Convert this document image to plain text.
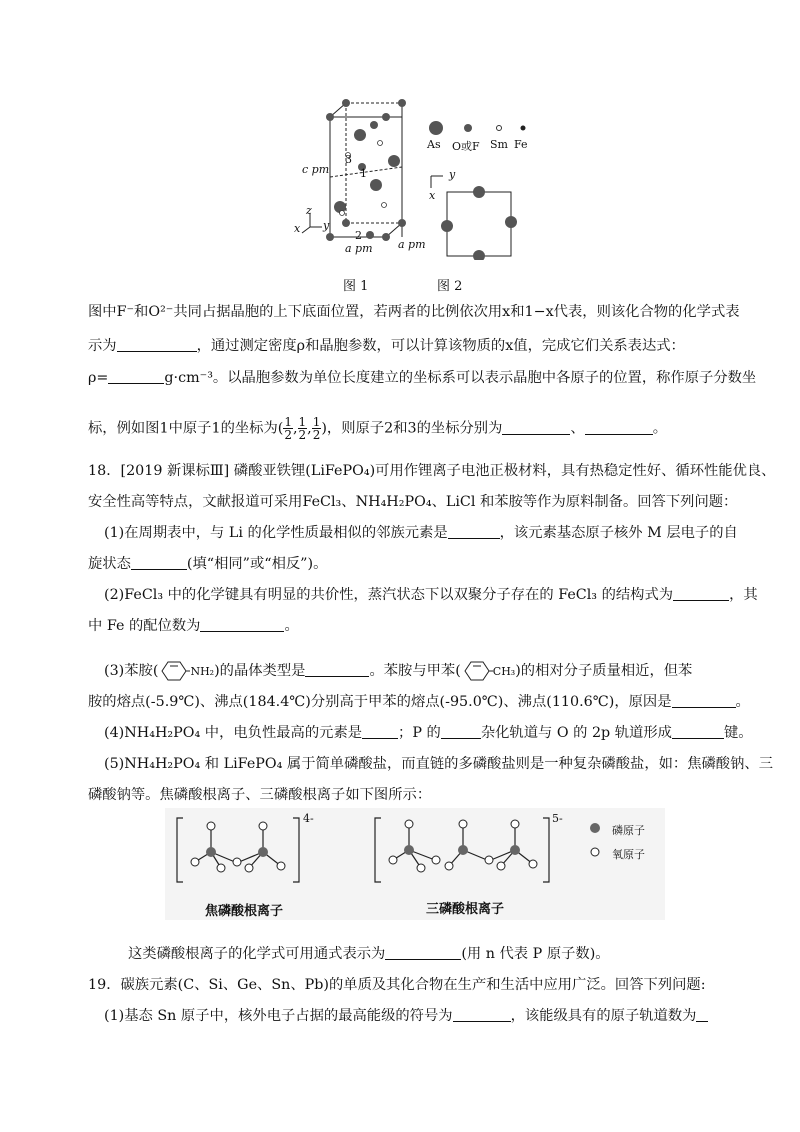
c pm
3
1
2
a pm a pm
x y
z
As O或F Sm Fe
y
x
图 1	图 2
图中F⁻和O²⁻共同占据晶胞的上下底面位置，若两者的比例依次用x和1−x代表，则该化合物的化学式表
示为	，通过测定密度ρ和晶胞参数，可以计算该物质的x值，完成它们关系表达式：
ρ=	g·cm⁻³。以晶胞参数为单位长度建立的坐标系可以表示晶胞中各原子的位置，称作原子分数坐
标，例如图1中原子1的坐标为( $\frac{1}{2}$ , $\frac{1}{2}$ , $\frac{1}{2}$ )，则原子2和3的坐标分别为	、	。
18．[2019 新课标Ⅲ] 磷酸亚铁锂(LiFePO₄)可用作锂离子电池正极材料，具有热稳定性好、循环性能优良、
安全性高等特点，文献报道可采用FeCl₃、NH₄H₂PO₄、LiCl 和苯胺等作为原料制备。回答下列问题：
(1)在周期表中，与 Li 的化学性质最相似的邻族元素是	，该元素基态原子核外 M 层电子的自
旋状态	(填“相同”或“相反”)。
(2)FeCl₃ 中的化学键具有明显的共价性，蒸汽状态下以双聚分子存在的 FeCl₃ 的结构式为	，其
中 Fe 的配位数为	。
(3)苯胺(	NH₂)的晶体类型是	。苯胺与甲苯(	CH₃)的相对分子质量相近，但苯
胺的熔点(-5.9℃)、沸点(184.4℃)分别高于甲苯的熔点(-95.0℃)、沸点(110.6℃)，原因是	。
(4)NH₄H₂PO₄ 中，电负性最高的元素是	；P 的	杂化轨道与 O 的 2p 轨道形成	键。
(5)NH₄H₂PO₄ 和 LiFePO₄ 属于简单磷酸盐，而直链的多磷酸盐则是一种复杂磷酸盐，如：焦磷酸钠、三
磷酸钠等。焦磷酸根离子、三磷酸根离子如下图所示：
4-	5-
磷原子
氧原子
焦磷酸根离子	三磷酸根离子
这类磷酸根离子的化学式可用通式表示为	(用 n 代表 P 原子数)。
19．碳族元素(C、Si、Ge、Sn、Pb)的单质及其化合物在生产和生活中应用广泛。回答下列问题:
(1)基态 Sn 原子中，核外电子占据的最高能级的符号为	，该能级具有的原子轨道数为
